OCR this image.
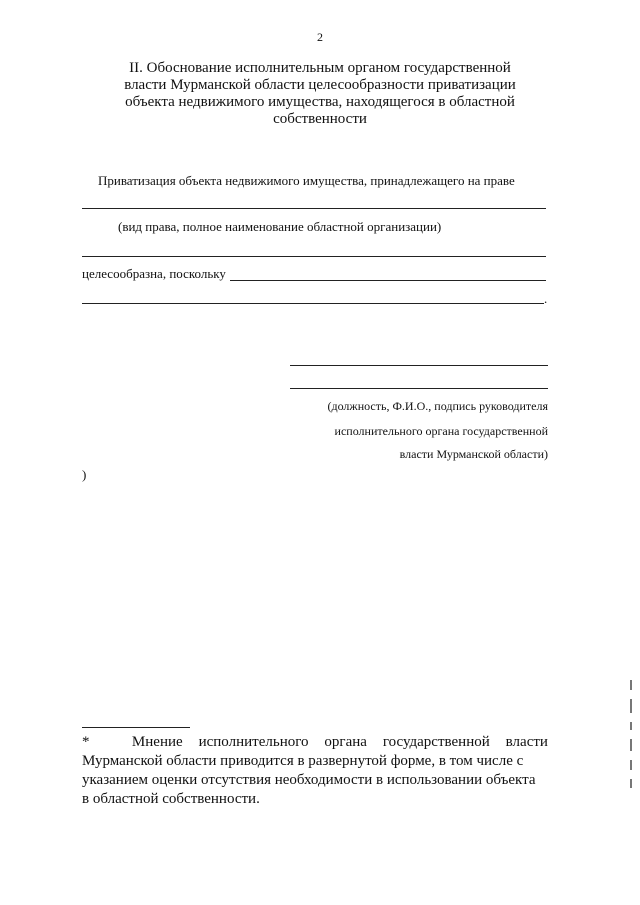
2
II. Обоснование исполнительным органом государственной
власти Мурманской области целесообразности приватизации
объекта недвижимого имущества, находящегося в областной
собственности
Приватизация объекта недвижимого имущества, принадлежащего на праве
(вид права, полное наименование областной организации)
целесообразна, поскольку
.
(должность, Ф.И.О., подпись руководителя
исполнительного органа государственной
власти Мурманской области)
)
*	Мнение исполнительного органа государственной власти
Мурманской области приводится в развернутой форме, в том числе с
указанием оценки отсутствия необходимости в использовании объекта
в областной собственности.
